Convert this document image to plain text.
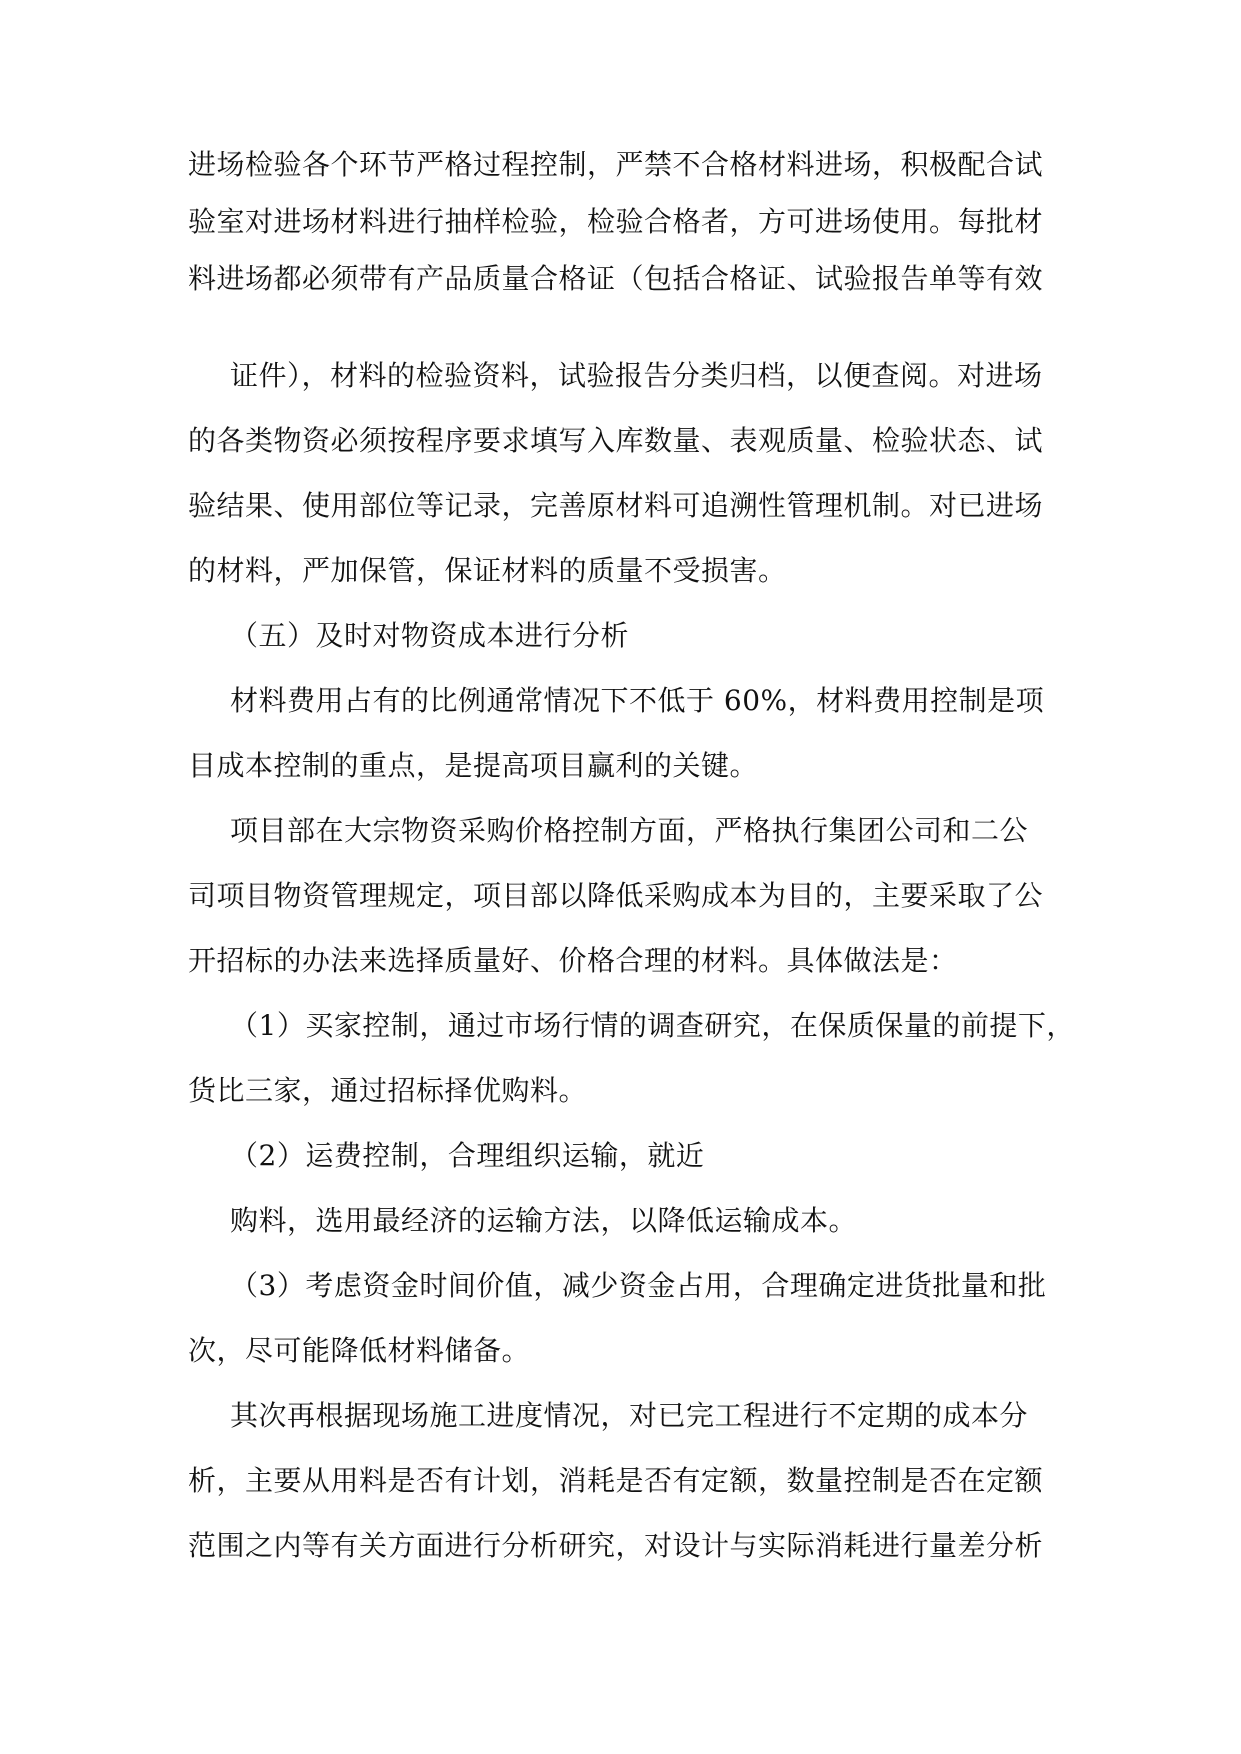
进场检验各个环节严格过程控制，严禁不合格材料进场，积极配合试

验室对进场材料进行抽样检验，检验合格者，方可进场使用。每批材

料进场都必须带有产品质量合格证（包括合格证、试验报告单等有效

证件），材料的检验资料，试验报告分类归档，以便查阅。对进场

的各类物资必须按程序要求填写入库数量、表观质量、检验状态、试

验结果、使用部位等记录，完善原材料可追溯性管理机制。对已进场

的材料，严加保管，保证材料的质量不受损害。

（五）及时对物资成本进行分析

材料费用占有的比例通常情况下不低于 60%，材料费用控制是项

目成本控制的重点，是提高项目赢利的关键。

项目部在大宗物资采购价格控制方面，严格执行集团公司和二公

司项目物资管理规定，项目部以降低采购成本为目的，主要采取了公

开招标的办法来选择质量好、价格合理的材料。具体做法是：

（1）买家控制，通过市场行情的调查研究，在保质保量的前提下，

货比三家，通过招标择优购料。

（2）运费控制，合理组织运输，就近

购料，选用最经济的运输方法，以降低运输成本。

（3）考虑资金时间价值，减少资金占用，合理确定进货批量和批

次，尽可能降低材料储备。

其次再根据现场施工进度情况，对已完工程进行不定期的成本分

析，主要从用料是否有计划，消耗是否有定额，数量控制是否在定额

范围之内等有关方面进行分析研究，对设计与实际消耗进行量差分析
